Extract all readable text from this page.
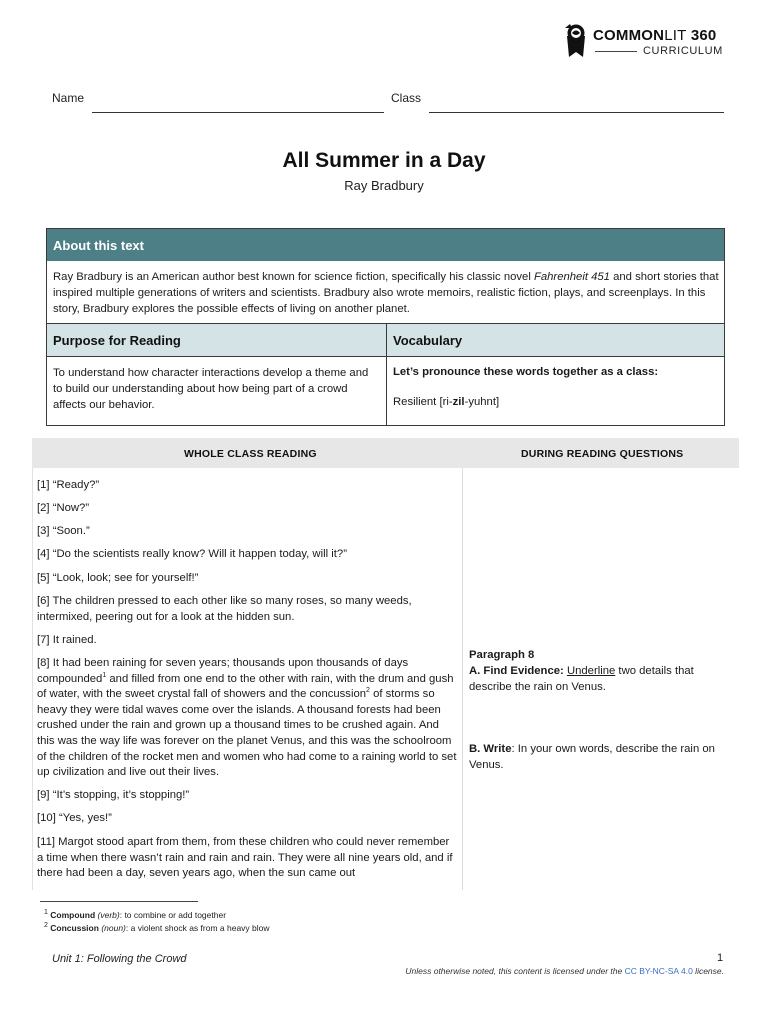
COMMONLIT 360
CURRICULUM
Name	Class
All Summer in a Day
Ray Bradbury
About this text
Ray Bradbury is an American author best known for science fiction, specifically his classic novel Fahrenheit 451 and short stories that inspired multiple generations of writers and scientists. Bradbury also wrote memoirs, realistic fiction, plays, and screenplays. In this story, Bradbury explores the possible effects of living on another planet.
Purpose for Reading	Vocabulary
To understand how character interactions develop a theme and to build our understanding about how being part of a crowd affects our behavior.
Let’s pronounce these words together as a class:
Resilient [ri-zil-yuhnt]
WHOLE CLASS READING	DURING READING QUESTIONS
[1] “Ready?”
[2] “Now?”
[3] “Soon.”
[4] “Do the scientists really know? Will it happen today, will it?”
[5] “Look, look; see for yourself!”
[6] The children pressed to each other like so many roses, so many weeds, intermixed, peering out for a look at the hidden sun.
[7] It rained.
[8] It had been raining for seven years; thousands upon thousands of days compounded$^1$ and filled from one end to the other with rain, with the drum and gush of water, with the sweet crystal fall of showers and the concussion$^2$ of storms so heavy they were tidal waves come over the islands. A thousand forests had been crushed under the rain and grown up a thousand times to be crushed again. And this was the way life was forever on the planet Venus, and this was the schoolroom of the children of the rocket men and women who had come to a raining world to set up civilization and live out their lives.
[9] “It’s stopping, it’s stopping!”
[10] “Yes, yes!”
[11] Margot stood apart from them, from these children who could never remember a time when there wasn’t rain and rain and rain. They were all nine years old, and if there had been a day, seven years ago, when the sun came out
Paragraph 8
A. Find Evidence: Underline two details that describe the rain on Venus.
B. Write: In your own words, describe the rain on Venus.
$^1$ Compound (verb): to combine or add together
$^2$ Concussion (noun): a violent shock as from a heavy blow
Unit 1: Following the Crowd	1
Unless otherwise noted, this content is licensed under the CC BY-NC-SA 4.0 license.
